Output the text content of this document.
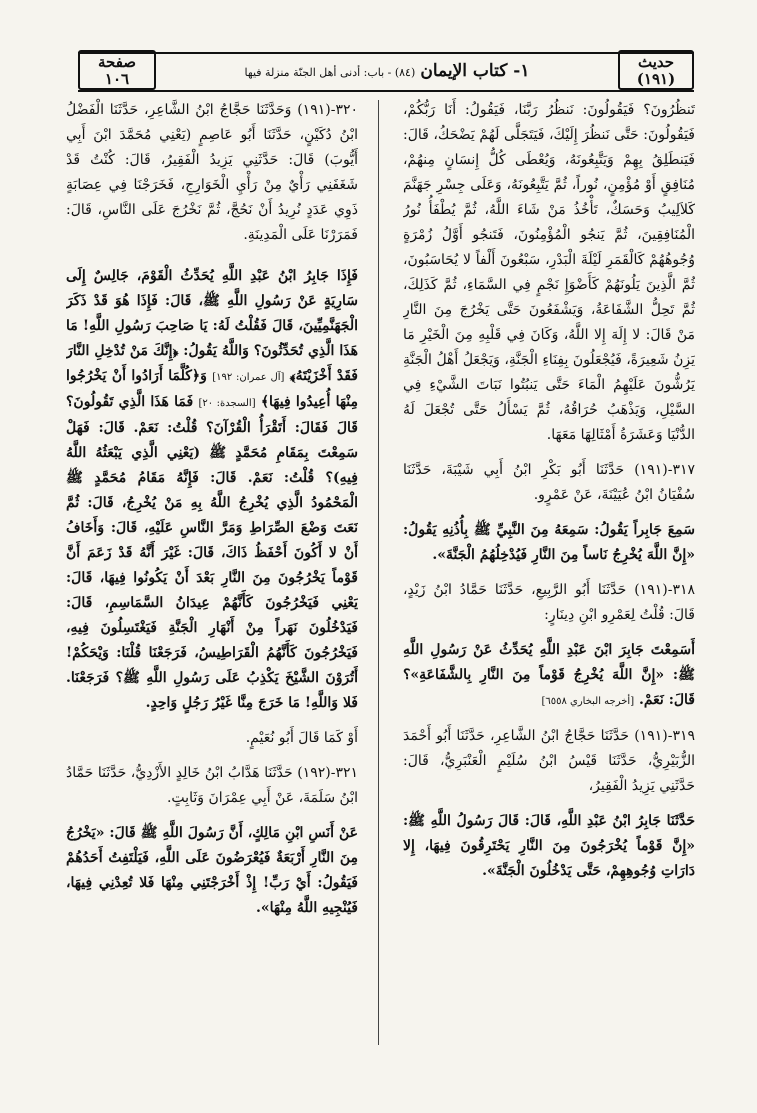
حديث
(١٩١)
١- كتاب الإيمان (٨٤) - باب: أدنى أهل الجنّة منزلة فيها
صفحة
١٠٦

تَنظُرُونَ؟ فَيَقُولُونَ: نَنظُرُ رَبَّنَا، فَيَقُولُ: أَنَا رَبُّكُمْ، فَيَقُولُونَ: حَتَّى نَنظُرَ إِلَيْكَ، فَيَتَجَلَّى لَهُمْ يَضْحَكُ، قَالَ: فَيَنطَلِقُ بِهِمْ وَيَتَّبِعُونَهُ، وَيُعْطَى كُلُّ إِنسَانٍ مِنهُمْ، مُنَافِقٍ أَوْ مُؤْمِنٍ، نُوراً، ثُمَّ يَتَّبِعُونَهُ، وَعَلَى جِسْرِ جَهَنَّمَ كَلاَلِيبُ وَحَسَكٌ، تَأْخُذُ مَنْ شَاءَ اللَّهُ، ثُمَّ يُطْفَأُ نُورُ الْمُنَافِقِينَ، ثُمَّ يَنجُو الْمُؤْمِنُونَ، فَتَنجُو أَوَّلُ زُمْرَةٍ وُجُوهُهُمْ كَالْقَمَرِ لَيْلَةَ الْبَدْرِ، سَبْعُونَ أَلْفاً لا يُحَاسَبُونَ، ثُمَّ الَّذِينَ يَلُونَهُمْ كَأَضْوَإِ نَجْمٍ فِي السَّمَاءِ، ثُمَّ كَذَلِكَ، ثُمَّ تَحِلُّ الشَّفَاعَةُ، وَيَشْفَعُونَ حَتَّى يَخْرُجَ مِنَ النَّارِ مَنْ قَالَ: لا إِلَهَ إِلا اللَّهُ، وَكَانَ فِي قَلْبِهِ مِنَ الْخَيْرِ مَا يَزِنُ شَعِيرَةً، فَيُجْعَلُونَ بِفِنَاءِ الْجَنَّةِ، وَيَجْعَلُ أَهْلُ الْجَنَّةِ يَرُشُّونَ عَلَيْهِمُ الْمَاءَ حَتَّى يَنبُتُوا نَبَاتَ الشَّيْءِ فِي السَّيْلِ، وَيَذْهَبُ حُرَاقُهُ، ثُمَّ يَسْأَلُ حَتَّى تُجْعَلَ لَهُ الدُّنْيَا وَعَشَرَةُ أَمْثَالِهَا مَعَهَا.

٣١٧-(١٩١) حَدَّثَنَا أَبُو بَكْرِ ابْنُ أَبِي شَيْبَةَ، حَدَّثَنَا سُفْيَانُ ابْنُ عُيَيْنَةَ، عَنْ عَمْرٍو.

سَمِعَ جَابِراً يَقُولُ: سَمِعَهُ مِنَ النَّبِيِّ ﷺ بِأُذُنِهِ يَقُولُ: «إِنَّ اللَّهَ يُخْرِجُ نَاساً مِنَ النَّارِ فَيُدْخِلُهُمُ الْجَنَّةَ».

٣١٨-(١٩١) حَدَّثَنَا أَبُو الرَّبِيعِ، حَدَّثَنَا حَمَّادُ ابْنُ زَيْدٍ، قَالَ: قُلْتُ لِعَمْرِو ابْنِ دِينَارٍ:

أَسَمِعْتَ جَابِرَ ابْنَ عَبْدِ اللَّهِ يُحَدِّثُ عَنْ رَسُولِ اللَّهِ ﷺ: «إِنَّ اللَّهَ يُخْرِجُ قَوْماً مِنَ النَّارِ بِالشَّفَاعَةِ»؟ قَالَ: نَعَمْ. [أخرجه البخاري ٦٥٥٨]

٣١٩-(١٩١) حَدَّثَنَا حَجَّاجُ ابْنُ الشَّاعِرِ، حَدَّثَنَا أَبُو أَحْمَدَ الزُّبَيْرِيُّ، حَدَّثَنَا قَيْسُ ابْنُ سُلَيْمٍ الْعَنْبَرِيُّ، قَالَ: حَدَّثَنِي يَزِيدُ الْفَقِيرُ،

حَدَّثَنَا جَابِرُ ابْنُ عَبْدِ اللَّهِ، قَالَ: قَالَ رَسُولُ اللَّهِ ﷺ: «إِنَّ قَوْماً يُخْرَجُونَ مِنَ النَّارِ يَحْتَرِقُونَ فِيهَا، إِلا دَارَاتِ وُجُوهِهِمْ، حَتَّى يَدْخُلُونَ الْجَنَّةَ».

٣٢٠-(١٩١) وَحَدَّثَنَا حَجَّاجُ ابْنُ الشَّاعِرِ، حَدَّثَنَا الْفَضْلُ ابْنُ دُكَيْنٍ، حَدَّثَنَا أَبُو عَاصِمٍ (يَعْنِي مُحَمَّدَ ابْنَ أَبِي أَيُّوبَ) قَالَ: حَدَّثَنِي يَزِيدُ الْفَقِيرُ، قَالَ: كُنْتُ قَدْ شَغَفَنِي رَأْيٌ مِنْ رَأْيِ الْخَوَارِجِ، فَخَرَجْنَا فِي عِصَابَةٍ ذَوِي عَدَدٍ نُرِيدُ أَنْ نَحُجَّ، ثُمَّ نَخْرُجَ عَلَى النَّاسِ، قَالَ: فَمَرَرْنَا عَلَى الْمَدِينَةِ.

فَإِذَا جَابِرُ ابْنُ عَبْدِ اللَّهِ يُحَدِّثُ الْقَوْمَ، جَالِسٌ إِلَى سَارِيَةٍ عَنْ رَسُولِ اللَّهِ ﷺ، قَالَ: فَإِذَا هُوَ قَدْ ذَكَرَ الْجَهَنَّمِيِّينَ، قَالَ فَقُلْتُ لَهُ: يَا صَاحِبَ رَسُولِ اللَّهِ! مَا هَذَا الَّذِي تُحَدِّثُونَ؟ وَاللَّهُ يَقُولُ: ﴿إِنَّكَ مَنْ تُدْخِلِ النَّارَ فَقَدْ أَخْزَيْتَهُ﴾ [آل عمران: ١٩٢] وَ﴿كُلَّمَا أَرَادُوا أَنْ يَخْرُجُوا مِنْهَا أُعِيدُوا فِيهَا﴾ [السجدة: ٢٠] فَمَا هَذَا الَّذِي تَقُولُونَ؟ قَالَ فَقَالَ: أَتَقْرَأُ الْقُرْآنَ؟ قُلْتُ: نَعَمْ. قَالَ: فَهَلْ سَمِعْتَ بِمَقَامِ مُحَمَّدٍ ﷺ (يَعْنِي الَّذِي يَبْعَثُهُ اللَّهُ فِيهِ)؟ قُلْتُ: نَعَمْ. قَالَ: فَإِنَّهُ مَقَامُ مُحَمَّدٍ ﷺ الْمَحْمُودُ الَّذِي يُخْرِجُ اللَّهُ بِهِ مَنْ يُخْرِجُ، قَالَ: ثُمَّ نَعَتَ وَضْعَ الصِّرَاطِ وَمَرَّ النَّاسِ عَلَيْهِ، قَالَ: وَأَخَافُ أَنْ لا أَكُونَ أَحْفَظُ ذَاكَ، قَالَ: غَيْرَ أَنَّهُ قَدْ زَعَمَ أَنَّ قَوْماً يَخْرُجُونَ مِنَ النَّارِ بَعْدَ أَنْ يَكُونُوا فِيهَا، قَالَ: يَعْنِي فَيَخْرُجُونَ كَأَنَّهُمْ عِيدَانُ السَّمَاسِمِ، قَالَ: فَيَدْخُلُونَ نَهَراً مِنْ أَنْهَارِ الْجَنَّةِ فَيَغْتَسِلُونَ فِيهِ، فَيَخْرُجُونَ كَأَنَّهُمُ الْقَرَاطِيسُ، فَرَجَعْنَا قُلْنَا: وَيْحَكُمْ! أَتُرَوْنَ الشَّيْخَ يَكْذِبُ عَلَى رَسُولِ اللَّهِ ﷺ؟ فَرَجَعْنَا. فَلا وَاللَّهِ! مَا خَرَجَ مِنَّا غَيْرُ رَجُلٍ وَاحِدٍ.

أَوْ كَمَا قَالَ أَبُو نُعَيْمٍ.

٣٢١-(١٩٢) حَدَّثَنَا هَدَّابُ ابْنُ خَالِدٍ الأَزْدِيُّ، حَدَّثَنَا حَمَّادُ ابْنُ سَلَمَةَ، عَنْ أَبِي عِمْرَانَ وَثَابِتٍ.

عَنْ أَنَسِ ابْنِ مَالِكٍ، أَنَّ رَسُولَ اللَّهِ ﷺ قَالَ: «يَخْرُجُ مِنَ النَّارِ أَرْبَعَةٌ فَيُعْرَضُونَ عَلَى اللَّهِ، فَيَلْتَفِتُ أَحَدُهُمْ فَيَقُولُ: أَيْ رَبِّ! إِذْ أَخْرَجْتَنِي مِنْهَا فَلا تُعِدْنِي فِيهَا، فَيُنْجِيهِ اللَّهُ مِنْهَا».
